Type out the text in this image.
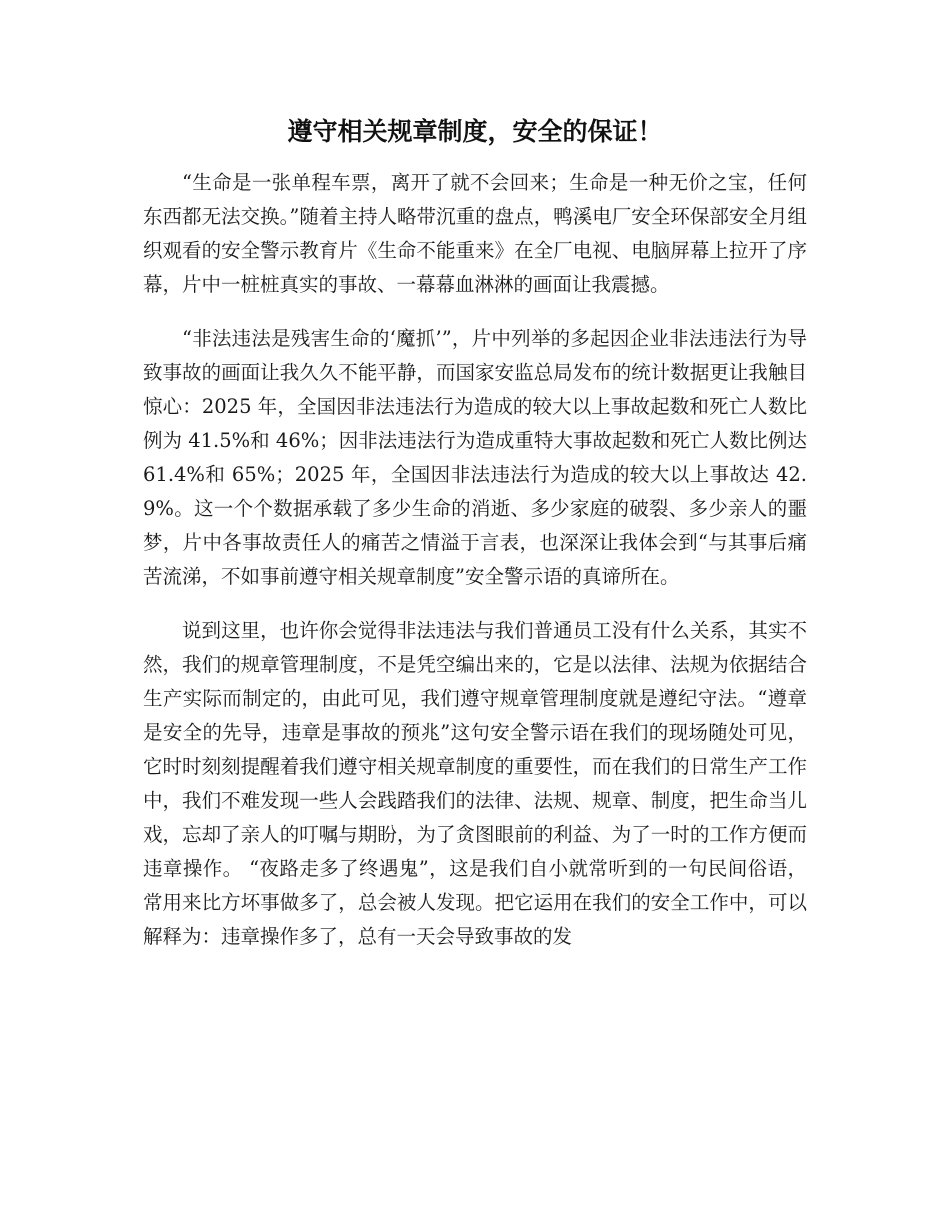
遵守相关规章制度，安全的保证！

“生命是一张单程车票，离开了就不会回来；生命是一种无价之宝，任何东西都无法交换。”随着主持人略带沉重的盘点，鸭溪电厂安全环保部安全月组织观看的安全警示教育片《生命不能重来》在全厂电视、电脑屏幕上拉开了序幕，片中一桩桩真实的事故、一幕幕血淋淋的画面让我震撼。

“非法违法是残害生命的‘魔抓’”，片中列举的多起因企业非法违法行为导致事故的画面让我久久不能平静，而国家安监总局发布的统计数据更让我触目惊心：2025 年，全国因非法违法行为造成的较大以上事故起数和死亡人数比例为 41.5%和 46%；因非法违法行为造成重特大事故起数和死亡人数比例达 61.4%和 65%；2025 年，全国因非法违法行为造成的较大以上事故达 42.9%。这一个个数据承载了多少生命的消逝、多少家庭的破裂、多少亲人的噩梦，片中各事故责任人的痛苦之情溢于言表，也深深让我体会到“与其事后痛苦流涕，不如事前遵守相关规章制度”安全警示语的真谛所在。

说到这里，也许你会觉得非法违法与我们普通员工没有什么关系，其实不然，我们的规章管理制度，不是凭空编出来的，它是以法律、法规为依据结合生产实际而制定的，由此可见，我们遵守规章管理制度就是遵纪守法。“遵章是安全的先导，违章是事故的预兆”这句安全警示语在我们的现场随处可见，它时时刻刻提醒着我们遵守相关规章制度的重要性，而在我们的日常生产工作中，我们不难发现一些人会践踏我们的法律、法规、规章、制度，把生命当儿戏，忘却了亲人的叮嘱与期盼，为了贪图眼前的利益、为了一时的工作方便而违章操作。 “夜路走多了终遇鬼”，这是我们自小就常听到的一句民间俗语，常用来比方坏事做多了，总会被人发现。把它运用在我们的安全工作中，可以解释为：违章操作多了，总有一天会导致事故的发
